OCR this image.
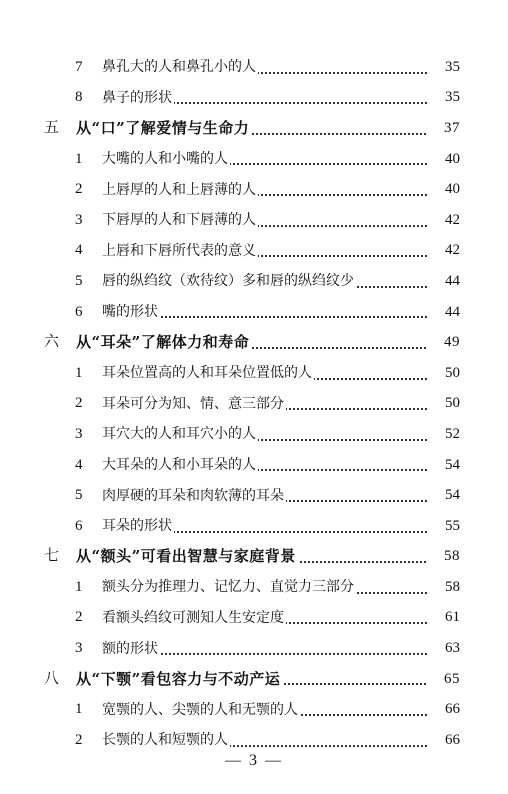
7	鼻孔大的人和鼻孔小的人	35
8	鼻子的形状	35
五	从“口”了解爱情与生命力	37
1	大嘴的人和小嘴的人	40
2	上唇厚的人和上唇薄的人	40
3	下唇厚的人和下唇薄的人	42
4	上唇和下唇所代表的意义	42
5	唇的纵绉纹（欢待纹）多和唇的纵绉纹少	44
6	嘴的形状	44
六	从“耳朵”了解体力和寿命	49
1	耳朵位置高的人和耳朵位置低的人	50
2	耳朵可分为知、情、意三部分	50
3	耳穴大的人和耳穴小的人	52
4	大耳朵的人和小耳朵的人	54
5	肉厚硬的耳朵和肉软薄的耳朵	54
6	耳朵的形状	55
七	从“额头”可看出智慧与家庭背景	58
1	额头分为推理力、记忆力、直觉力三部分	58
2	看额头绉纹可测知人生安定度	61
3	额的形状	63
八	从“下颚”看包容力与不动产运	65
1	宽颚的人、尖颚的人和无颚的人	66
2	长颚的人和短颚的人	66
— 3 —
